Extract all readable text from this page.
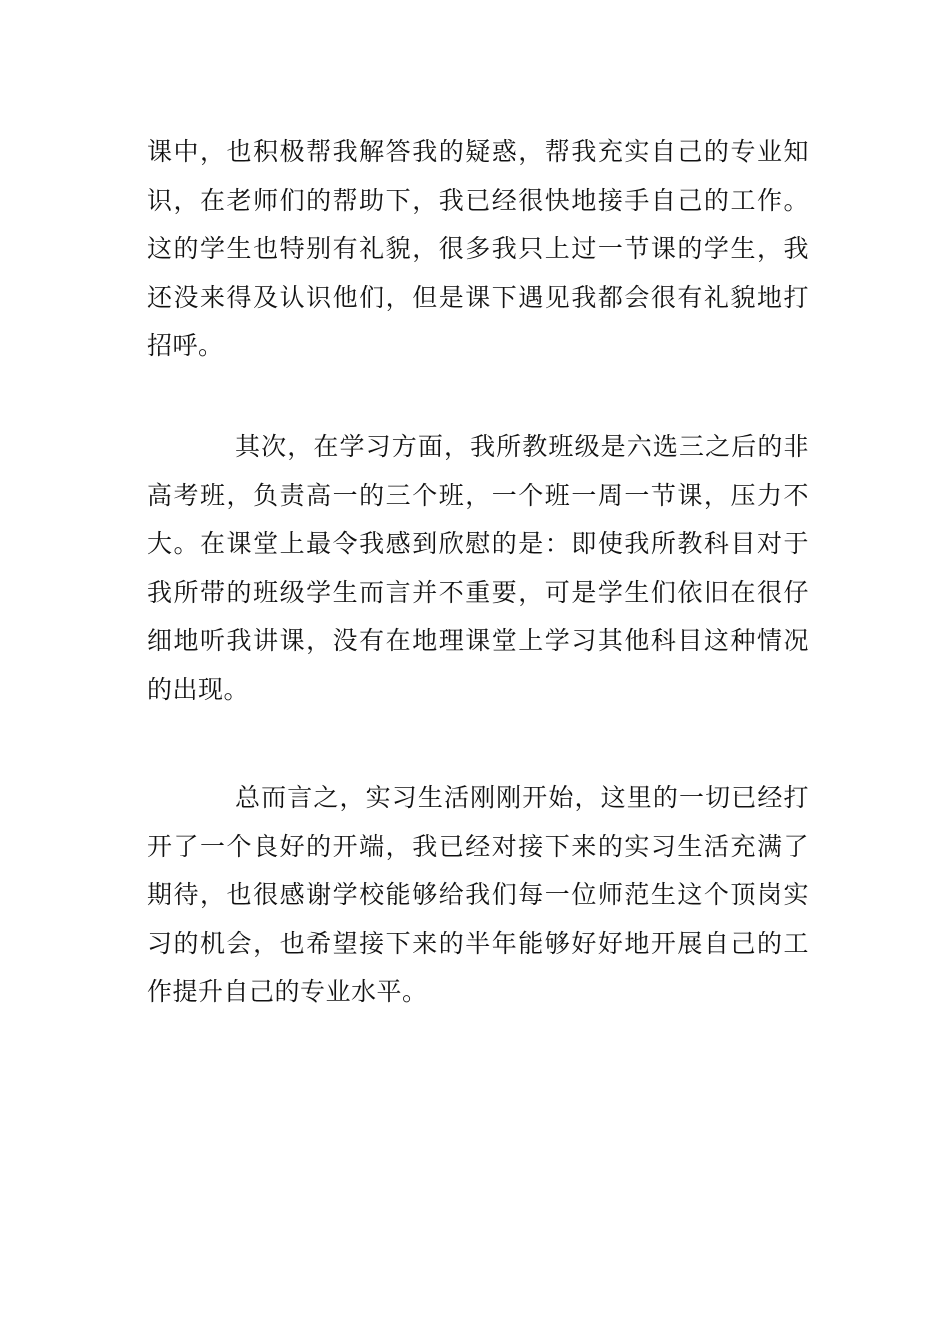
课中，也积极帮我解答我的疑惑，帮我充实自己的专业知识，在老师们的帮助下，我已经很快地接手自己的工作。这的学生也特别有礼貌，很多我只上过一节课的学生，我还没来得及认识他们，但是课下遇见我都会很有礼貌地打招呼。

其次，在学习方面，我所教班级是六选三之后的非高考班，负责高一的三个班，一个班一周一节课，压力不大。在课堂上最令我感到欣慰的是：即使我所教科目对于我所带的班级学生而言并不重要，可是学生们依旧在很仔细地听我讲课，没有在地理课堂上学习其他科目这种情况的出现。

总而言之，实习生活刚刚开始，这里的一切已经打开了一个良好的开端，我已经对接下来的实习生活充满了期待，也很感谢学校能够给我们每一位师范生这个顶岗实习的机会，也希望接下来的半年能够好好地开展自己的工作提升自己的专业水平。
